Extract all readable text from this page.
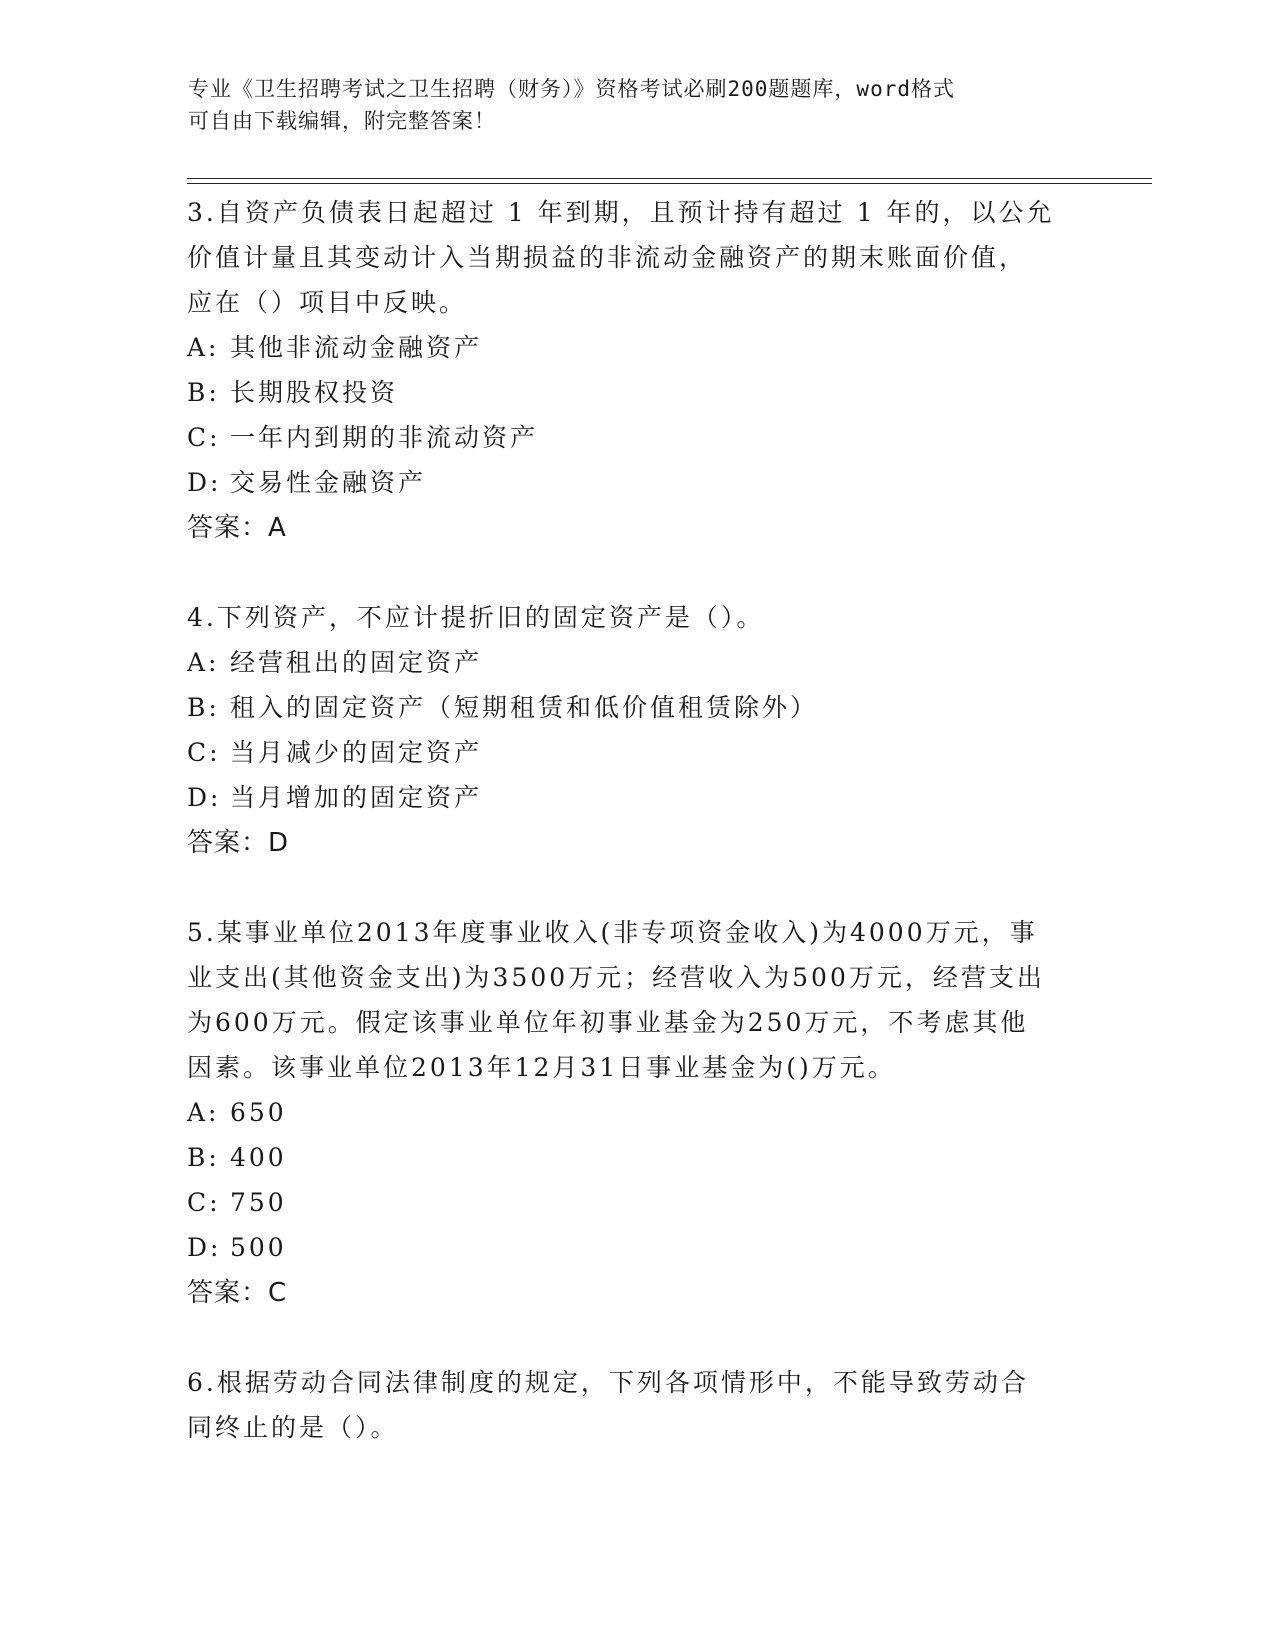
专业《卫生招聘考试之卫生招聘（财务）》资格考试必刷200题题库，word格式
可自由下载编辑，附完整答案！

3.自资产负债表日起超过 1 年到期，且预计持有超过 1 年的，以公允

价值计量且其变动计入当期损益的非流动金融资产的期末账面价值，

应在（）项目中反映。

A: 其他非流动金融资产
B: 长期股权投资
C: 一年内到期的非流动资产
D: 交易性金融资产

答案：A

4.下列资产，不应计提折旧的固定资产是（）。

A: 经营租出的固定资产
B: 租入的固定资产（短期租赁和低价值租赁除外）
C: 当月减少的固定资产
D: 当月增加的固定资产

答案：D

5.某事业单位2013年度事业收入(非专项资金收入)为4000万元，事

业支出(其他资金支出)为3500万元；经营收入为500万元，经营支出

为600万元。假定该事业单位年初事业基金为250万元，不考虑其他

因素。该事业单位2013年12月31日事业基金为()万元。

A: 650
B: 400
C: 750
D: 500

答案：C

6.根据劳动合同法律制度的规定，下列各项情形中，不能导致劳动合

同终止的是（）。
